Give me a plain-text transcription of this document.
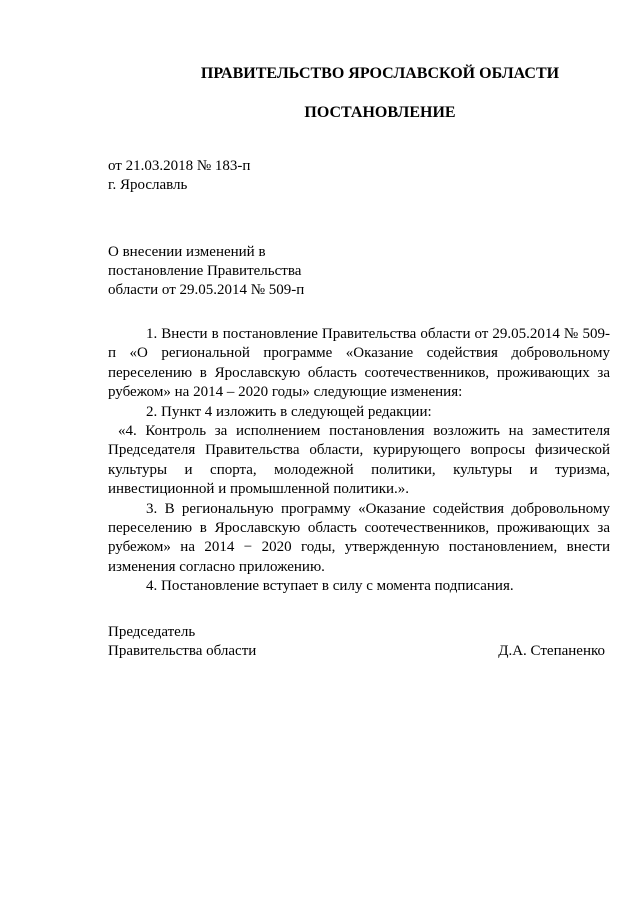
ПРАВИТЕЛЬСТВО ЯРОСЛАВСКОЙ ОБЛАСТИ
ПОСТАНОВЛЕНИЕ
от 21.03.2018 № 183-п
г. Ярославль
О внесении изменений в
постановление Правительства
области от 29.05.2014 № 509-п

1. Внести в постановление Правительства области от 29.05.2014 № 509-п «О региональной программе «Оказание содействия добровольному переселению в Ярославскую область соотечественников, проживающих за рубежом» на 2014 – 2020 годы» следующие изменения:

2. Пункт 4 изложить в следующей редакции:

«4. Контроль за исполнением постановления возложить на заместителя Председателя Правительства области, курирующего вопросы физической культуры и спорта, молодежной политики, культуры и туризма, инвестиционной и промышленной политики.».

3. В региональную программу «Оказание содействия добровольному переселению в Ярославскую область соотечественников, проживающих за рубежом» на 2014 − 2020 годы, утвержденную постановлением, внести изменения согласно приложению.

4. Постановление вступает в силу с момента подписания.

Председатель
Правительства области	Д.А. Степаненко
